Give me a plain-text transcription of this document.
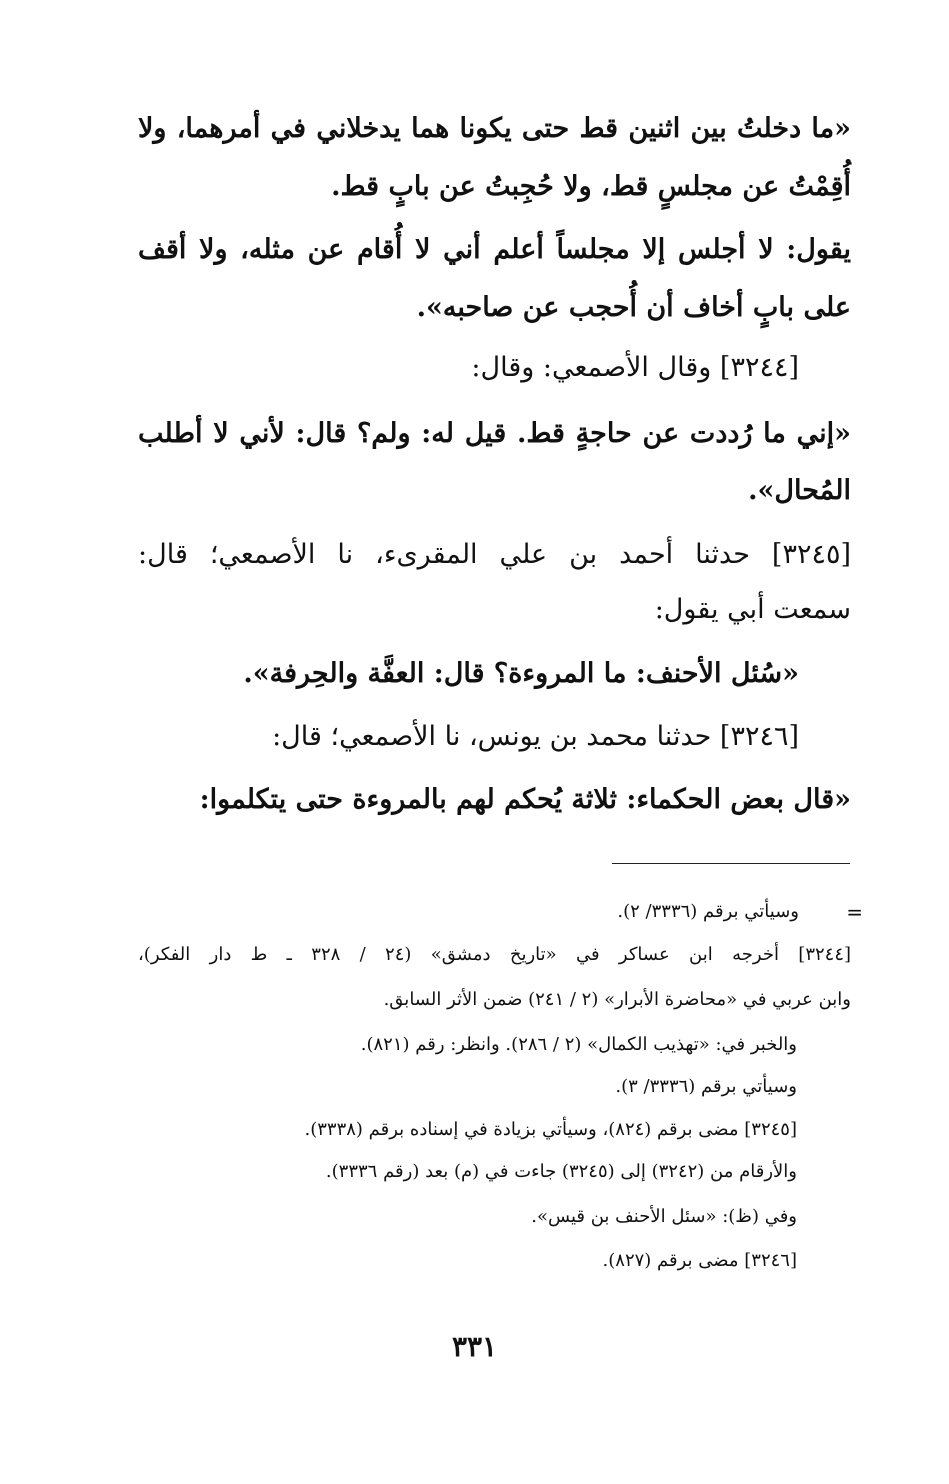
«ما دخلتُ بين اثنين قط حتى يكونا هما يدخلاني في أمرهما، ولا
أُقِمْتُ عن مجلسٍ قط، ولا حُجِبتُ عن بابٍ قط.
يقول: لا أجلس إلا مجلساً أعلم أني لا أُقام عن مثله، ولا أقف
على بابٍ أخاف أن أُحجب عن صاحبه».
[٣٢٤٤] وقال الأصمعي: وقال:
«إني ما رُددت عن حاجةٍ قط. قيل له: ولم؟ قال: لأني لا أطلب
المُحال».
[٣٢٤٥] حدثنا أحمد بن علي المقرىء، نا الأصمعي؛ قال:
سمعت أبي يقول:
«سُئل الأحنف: ما المروءة؟ قال: العفَّة والحِرفة».
[٣٢٤٦] حدثنا محمد بن يونس، نا الأصمعي؛ قال:
«قال بعض الحكماء: ثلاثة يُحكم لهم بالمروءة حتى يتكلموا:
=
وسيأتي برقم (٣٣٣٦/ ٢).
[٣٢٤٤] أخرجه ابن عساكر في «تاريخ دمشق» (٢٤ / ٣٢٨ ـ ط دار الفكر)،
وابن عربي في «محاضرة الأبرار» (٢ / ٢٤١) ضمن الأثر السابق.
والخبر في: «تهذيب الكمال» (٢ / ٢٨٦). وانظر: رقم (٨٢١).
وسيأتي برقم (٣٣٣٦/ ٣).
[٣٢٤٥] مضى برقم (٨٢٤)، وسيأتي بزيادة في إسناده برقم (٣٣٣٨).
والأرقام من (٣٢٤٢) إلى (٣٢٤٥) جاءت في (م) بعد (رقم ٣٣٣٦).
وفي (ظ): «سئل الأحنف بن قيس».
[٣٢٤٦] مضى برقم (٨٢٧).
٣٣١
